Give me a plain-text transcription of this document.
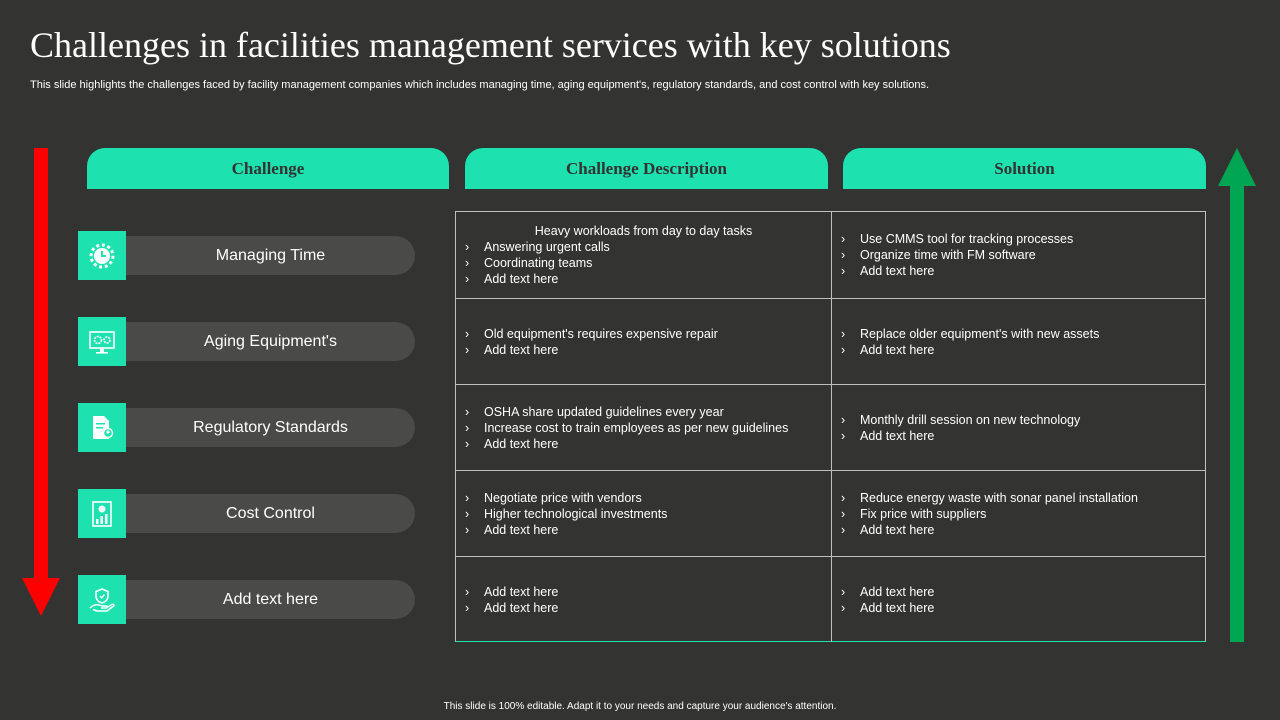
Challenges in facilities management services with key solutions
This slide highlights the challenges faced by facility management companies which includes managing time, aging equipment's, regulatory standards, and cost control with key solutions.
Challenge	Challenge Description	Solution
Managing Time
Aging Equipment's
Regulatory Standards
Cost Control
Add text here
Heavy workloads from day to day tasks
› Answering urgent calls
› Coordinating teams
› Add text here
› Use CMMS tool for tracking processes
› Organize time with FM software
› Add text here
› Old equipment's requires expensive repair
› Add text here
› Replace older equipment's with new assets
› Add text here
› OSHA share updated guidelines every year
› Increase cost to train employees as per new guidelines
› Add text here
› Monthly drill session on new technology
› Add text here
› Negotiate price with vendors
› Higher technological investments
› Add text here
› Reduce energy waste with sonar panel installation
› Fix price with suppliers
› Add text here
› Add text here
› Add text here
› Add text here
› Add text here
This slide is 100% editable. Adapt it to your needs and capture your audience's attention.
